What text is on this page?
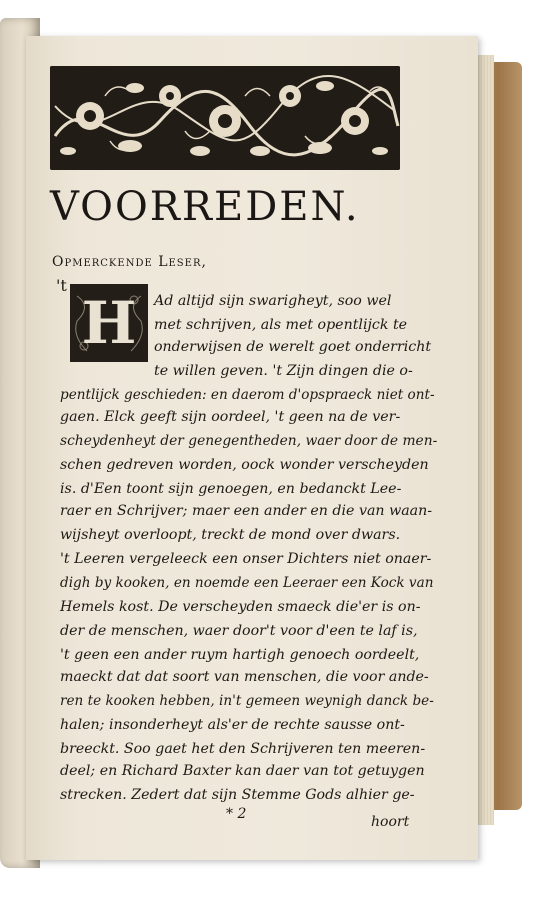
VOORREDEN.
Opmerckende Leser,
't
H Ad altijd sijn swarigheyt, soo wel
met schrijven, als met opentlijck te
onderwijsen de werelt goet onderricht
te willen geven. 't Zijn dingen die o-
pentlijck geschieden: en daerom d'opspraeck niet ont-
gaen. Elck geeft sijn oordeel, 't geen na de ver-
scheydenheyt der genegentheden, waer door de men-
schen gedreven worden, oock wonder verscheyden
is. d'Een toont sijn genoegen, en bedanckt Lee-
raer en Schrijver; maer een ander en die van waan-
wijsheyt overloopt, treckt de mond over dwars.
't Leeren vergeleeck een onser Dichters niet onaer-
digh by kooken, en noemde een Leeraer een Kock van
Hemels kost. De verscheyden smaeck die'er is on-
der de menschen, waer door't voor d'een te laf is,
't geen een ander ruym hartigh genoech oordeelt,
maeckt dat dat soort van menschen, die voor ande-
ren te kooken hebben, in't gemeen weynigh danck be-
halen; insonderheyt als'er de rechte sausse ont-
breeckt. Soo gaet het den Schrijveren ten meeren-
deel; en Richard Baxter kan daer van tot getuygen
strecken. Zedert dat sijn Stemme Gods alhier ge-
* 2	hoort
